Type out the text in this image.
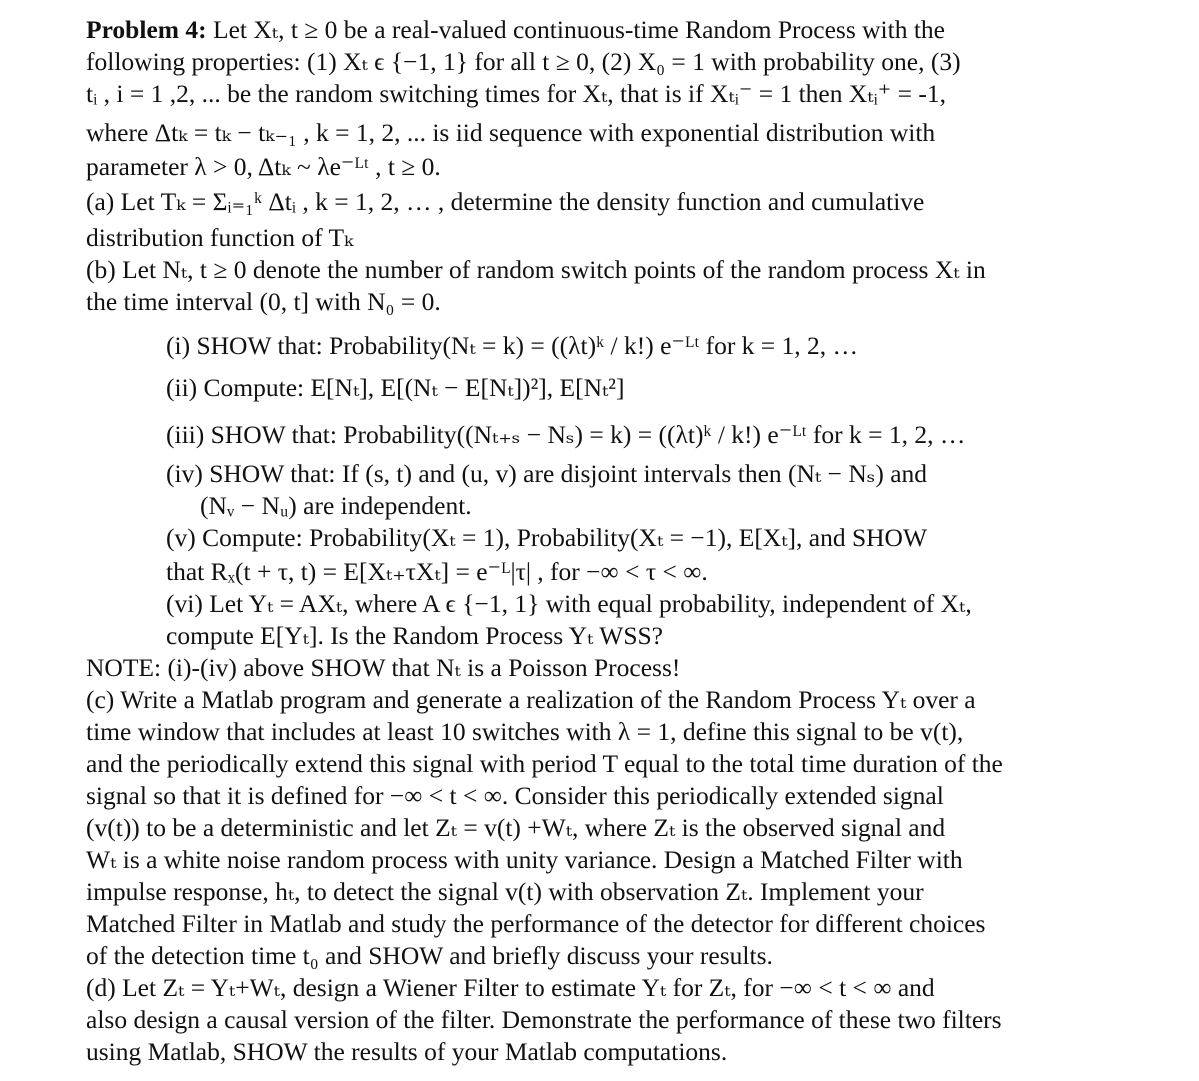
Problem 4: Let Xₜ, t ≥ 0 be a real-valued continuous-time Random Process with the
following properties: (1) Xₜ ϵ {−1, 1} for all t ≥ 0, (2) X₀ = 1 with probability one, (3)
tᵢ , i = 1 ,2, ... be the random switching times for Xₜ, that is if Xₜᵢ⁻ = 1 then Xₜᵢ⁺ = -1,
where Δtₖ = tₖ − tₖ₋₁ , k = 1, 2, ... is iid sequence with exponential distribution with
parameter λ > 0, Δtₖ ~ λe⁻ᴸᵗ , t ≥ 0.
(a) Let Tₖ = Σᵢ₌₁ᵏ Δtᵢ , k = 1, 2, … , determine the density function and cumulative
distribution function of Tₖ
(b) Let Nₜ, t ≥ 0 denote the number of random switch points of the random process Xₜ in
the time interval (0, t] with N₀ = 0.
(i) SHOW that: Probability(Nₜ = k) = ((λt)ᵏ / k!) e⁻ᴸᵗ for k = 1, 2, …
(ii) Compute: E[Nₜ], E[(Nₜ − E[Nₜ])²], E[Nₜ²]
(iii) SHOW that: Probability((Nₜ₊ₛ − Nₛ) = k) = ((λt)ᵏ / k!) e⁻ᴸᵗ for k = 1, 2, …
(iv) SHOW that: If (s, t) and (u, v) are disjoint intervals then (Nₜ − Nₛ) and
(Nᵥ − Nᵤ) are independent.
(v) Compute: Probability(Xₜ = 1), Probability(Xₜ = −1), E[Xₜ], and SHOW
that Rₓ(t + τ, t) = E[Xₜ₊τXₜ] = e⁻ᴸ|τ| , for −∞ < τ < ∞.
(vi) Let Yₜ = AXₜ, where A ϵ {−1, 1} with equal probability, independent of Xₜ,
compute E[Yₜ]. Is the Random Process Yₜ WSS?
NOTE: (i)-(iv) above SHOW that Nₜ is a Poisson Process!
(c) Write a Matlab program and generate a realization of the Random Process Yₜ over a
time window that includes at least 10 switches with λ = 1, define this signal to be v(t),
and the periodically extend this signal with period T equal to the total time duration of the
signal so that it is defined for −∞ < t < ∞. Consider this periodically extended signal
(v(t)) to be a deterministic and let Zₜ = v(t) +Wₜ, where Zₜ is the observed signal and
Wₜ is a white noise random process with unity variance. Design a Matched Filter with
impulse response, hₜ, to detect the signal v(t) with observation Zₜ. Implement your
Matched Filter in Matlab and study the performance of the detector for different choices
of the detection time t₀ and SHOW and briefly discuss your results.
(d) Let Zₜ = Yₜ+Wₜ, design a Wiener Filter to estimate Yₜ for Zₜ, for −∞ < t < ∞ and
also design a causal version of the filter. Demonstrate the performance of these two filters
using Matlab, SHOW the results of your Matlab computations.
